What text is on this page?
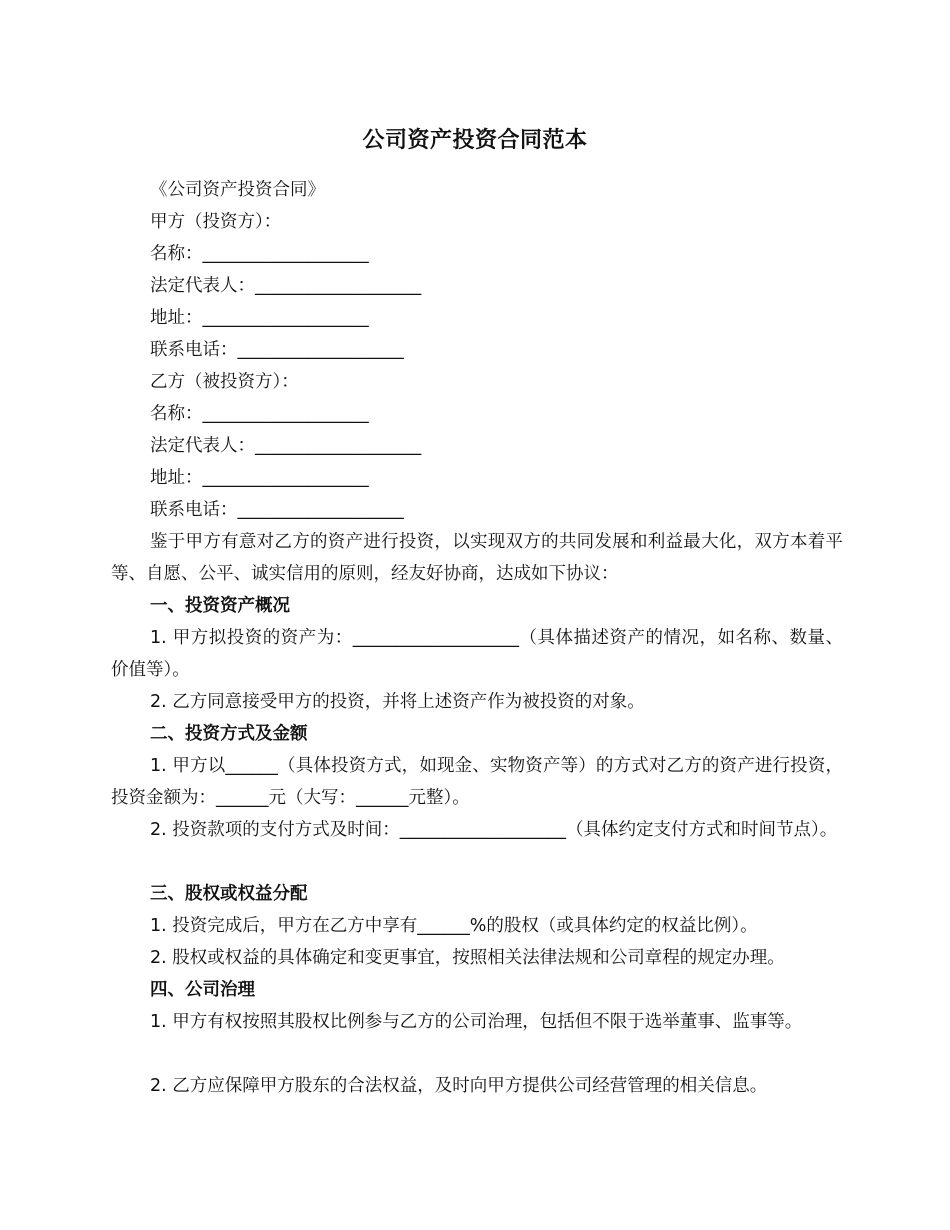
公司资产投资合同范本
《公司资产投资合同》
甲方（投资方）：
名称：___________________
法定代表人：___________________
地址：___________________
联系电话：___________________
乙方（被投资方）：
名称：___________________
法定代表人：___________________
地址：___________________
联系电话：___________________
鉴于甲方有意对乙方的资产进行投资，以实现双方的共同发展和利益最大化，双方本着平等、自愿、公平、诚实信用的原则，经友好协商，达成如下协议：
一、投资资产概况
1. 甲方拟投资的资产为：___________________（具体描述资产的情况，如名称、数量、价值等）。
2. 乙方同意接受甲方的投资，并将上述资产作为被投资的对象。
二、投资方式及金额
1. 甲方以______（具体投资方式，如现金、实物资产等）的方式对乙方的资产进行投资，投资金额为：______元（大写：______元整）。
2. 投资款项的支付方式及时间：___________________（具体约定支付方式和时间节点）。
三、股权或权益分配
1. 投资完成后，甲方在乙方中享有______%的股权（或具体约定的权益比例）。
2. 股权或权益的具体确定和变更事宜，按照相关法律法规和公司章程的规定办理。
四、公司治理
1. 甲方有权按照其股权比例参与乙方的公司治理，包括但不限于选举董事、监事等。
2. 乙方应保障甲方股东的合法权益，及时向甲方提供公司经营管理的相关信息。
